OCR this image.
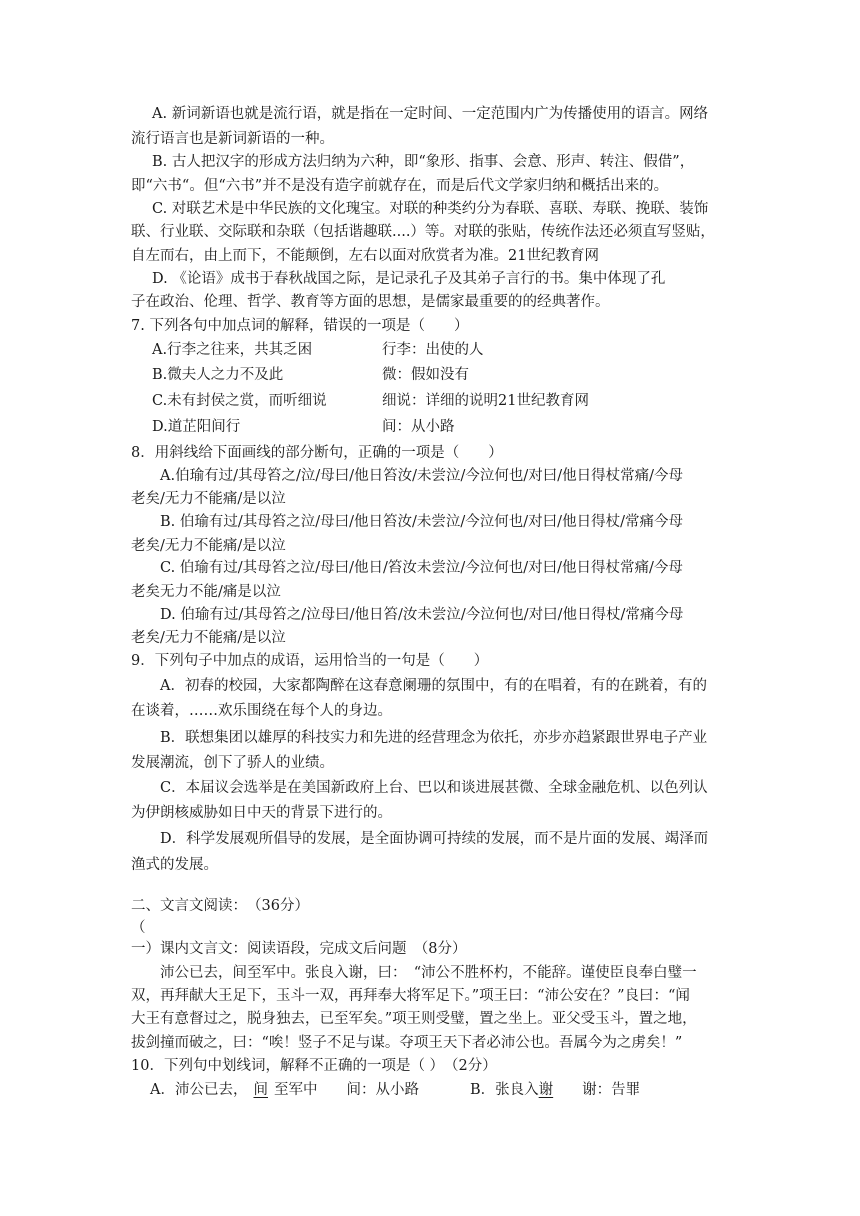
A. 新词新语也就是流行语，就是指在一定时间、一定范围内广为传播使用的语言。网络
流行语言也是新词新语的一种。
B. 古人把汉字的形成方法归纳为六种，即“象形、指事、会意、形声、转注、假借”，
即“六书“。但“六书”并不是没有造字前就存在，而是后代文学家归纳和概括出来的。
C. 对联艺术是中华民族的文化瑰宝。对联的种类约分为春联、喜联、寿联、挽联、装饰
联、行业联、交际联和杂联（包括谐趣联....）等。对联的张贴，传统作法还必须直写竖贴，
自左而右，由上而下，不能颠倒，左右以面对欣赏者为准。21世纪教育网
D. 《论语》成书于春秋战国之际，是记录孔子及其弟子言行的书。集中体现了孔
子在政治、伦理、哲学、教育等方面的思想，是儒家最重要的的经典著作。
7. 下列各句中加点词的解释，错误的一项是（　　）
A.行李之往来，共其乏困	行李：出使的人
B.微夫人之力不及此	微：假如没有
C.未有封侯之赏，而听细说	细说：详细的说明21世纪教育网
D.道芷阳间行	间：从小路
8．用斜线给下面画线的部分断句，正确的一项是（　　）
A.伯瑜有过/其母笞之/泣/母曰/他日笞汝/未尝泣/今泣何也/对曰/他日得杖常痛/今母
老矣/无力不能痛/是以泣
B. 伯瑜有过/其母笞之泣/母曰/他日笞汝/未尝泣/今泣何也/对曰/他日得杖/常痛今母
老矣/无力不能痛/是以泣
C. 伯瑜有过/其母笞之泣/母曰/他日/笞汝未尝泣/今泣何也/对曰/他日得杖常痛/今母
老矣无力不能/痛是以泣
D. 伯瑜有过/其母笞之/泣母曰/他日笞/汝未尝泣/今泣何也/对曰/他日得杖/常痛今母
老矣/无力不能痛/是以泣
9．下列句子中加点的成语，运用恰当的一句是（　　）
A．初春的校园，大家都陶醉在这春意阑珊的氛围中，有的在唱着，有的在跳着，有的
在谈着，……欢乐围绕在每个人的身边。
B．联想集团以雄厚的科技实力和先进的经营理念为依托，亦步亦趋紧跟世界电子产业
发展潮流，创下了骄人的业绩。
C．本届议会选举是在美国新政府上台、巴以和谈进展甚微、全球金融危机、以色列认
为伊朗核威胁如日中天的背景下进行的。
D．科学发展观所倡导的发展，是全面协调可持续的发展，而不是片面的发展、竭泽而
渔式的发展。
二、文言文阅读：　（36分）
（
一）课内文言文：阅读语段，完成文后问题　（8分）
沛公已去，间至军中。张良入谢，曰：　“沛公不胜杯杓，不能辞。谨使臣良奉白璧一
双，再拜献大王足下，玉斗一双，再拜奉大将军足下。”项王曰：“沛公安在？”良曰：“闻
大王有意督过之，脱身独去，已至军矣。”项王则受璧，置之坐上。亚父受玉斗，置之地，
拔剑撞而破之，曰：“唉！竖子不足与谋。夺项王天下者必沛公也。吾属今为之虏矣！”
10．下列句中划线词，解释不正确的一项是（ ）　（2分）
A．沛公已去， 间 至军中　　间：从小路	B．张良入谢　　谢：告罪
